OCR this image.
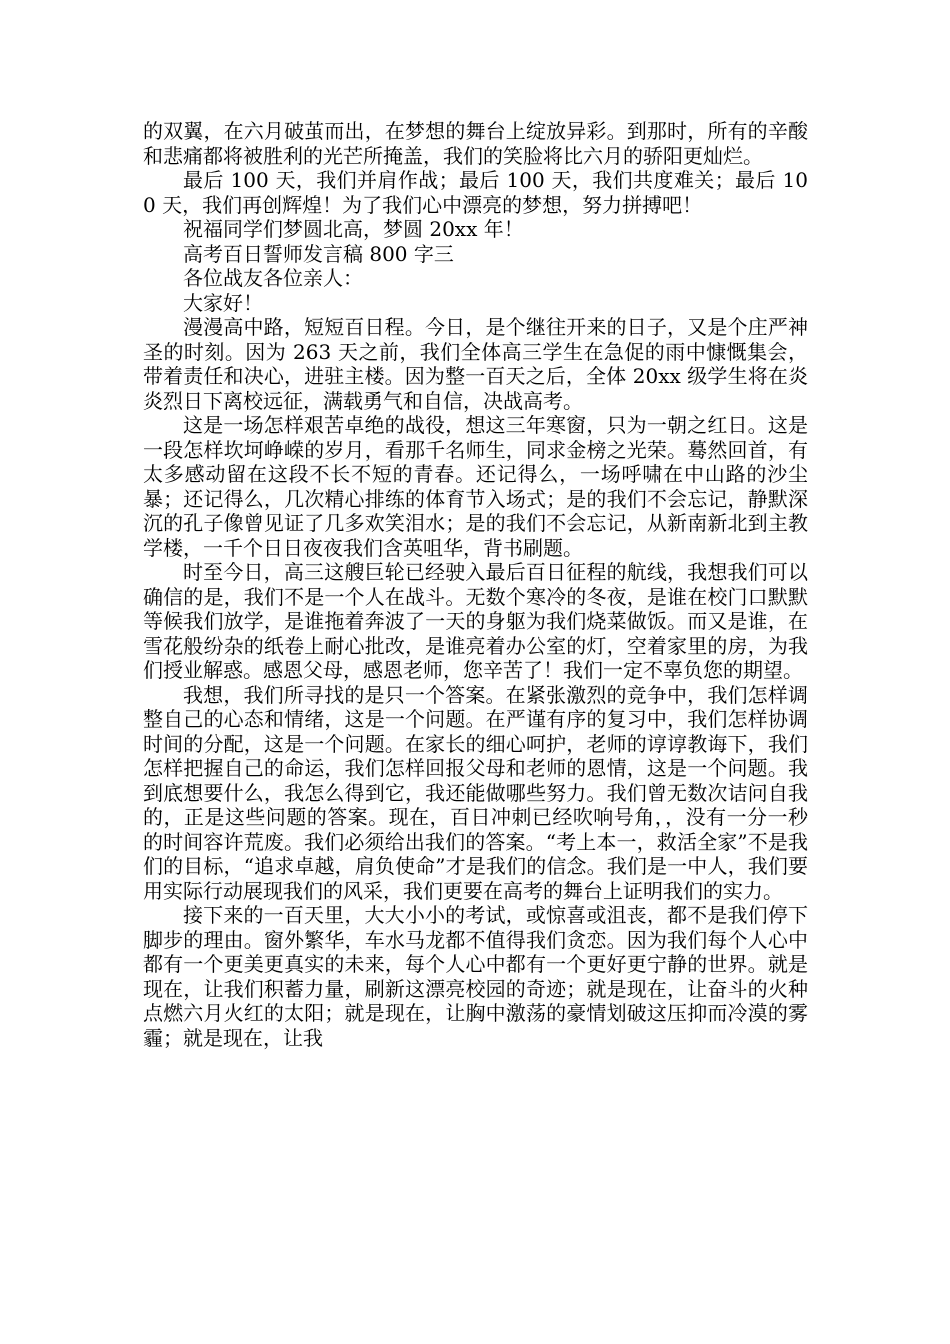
的双翼，在六月破茧而出，在梦想的舞台上绽放异彩。到那时，所有的辛酸和悲痛都将被胜利的光芒所掩盖，我们的笑脸将比六月的骄阳更灿烂。

最后 100 天，我们并肩作战；最后 100 天，我们共度难关；最后 100 天，我们再创辉煌！为了我们心中漂亮的梦想，努力拼搏吧！

祝福同学们梦圆北高，梦圆 20xx 年！

高考百日誓师发言稿 800 字三

各位战友各位亲人：

大家好！

漫漫高中路，短短百日程。今日，是个继往开来的日子，又是个庄严神圣的时刻。因为 263 天之前，我们全体高三学生在急促的雨中慷慨集会，带着责任和决心，进驻主楼。因为整一百天之后，全体 20xx 级学生将在炎炎烈日下离校远征，满载勇气和自信，决战高考。

这是一场怎样艰苦卓绝的战役，想这三年寒窗，只为一朝之红日。这是一段怎样坎坷峥嵘的岁月，看那千名师生，同求金榜之光荣。蓦然回首，有太多感动留在这段不长不短的青春。还记得么，一场呼啸在中山路的沙尘暴；还记得么，几次精心排练的体育节入场式；是的我们不会忘记，静默深沉的孔子像曾见证了几多欢笑泪水；是的我们不会忘记，从新南新北到主教学楼，一千个日日夜夜我们含英咀华，背书刷题。

时至今日，高三这艘巨轮已经驶入最后百日征程的航线，我想我们可以确信的是，我们不是一个人在战斗。无数个寒冷的冬夜，是谁在校门口默默等候我们放学，是谁拖着奔波了一天的身躯为我们烧菜做饭。而又是谁，在雪花般纷杂的纸卷上耐心批改，是谁亮着办公室的灯，空着家里的房，为我们授业解惑。感恩父母，感恩老师，您辛苦了！我们一定不辜负您的期望。

我想，我们所寻找的是只一个答案。在紧张激烈的竞争中，我们怎样调整自己的心态和情绪，这是一个问题。在严谨有序的复习中，我们怎样协调时间的分配，这是一个问题。在家长的细心呵护，老师的谆谆教诲下，我们怎样把握自己的命运，我们怎样回报父母和老师的恩情，这是一个问题。我到底想要什么，我怎么得到它，我还能做哪些努力。我们曾无数次诘问自我的，正是这些问题的答案。现在，百日冲刺已经吹响号角，，没有一分一秒的时间容许荒废。我们必须给出我们的答案。“考上本一，救活全家”不是我们的目标，“追求卓越，肩负使命”才是我们的信念。我们是一中人，我们要用实际行动展现我们的风采，我们更要在高考的舞台上证明我们的实力。

接下来的一百天里，大大小小的考试，或惊喜或沮丧，都不是我们停下脚步的理由。窗外繁华，车水马龙都不值得我们贪恋。因为我们每个人心中都有一个更美更真实的未来，每个人心中都有一个更好更宁静的世界。就是现在，让我们积蓄力量，刷新这漂亮校园的奇迹；就是现在，让奋斗的火种点燃六月火红的太阳；就是现在，让胸中激荡的豪情划破这压抑而冷漠的雾霾；就是现在，让我
